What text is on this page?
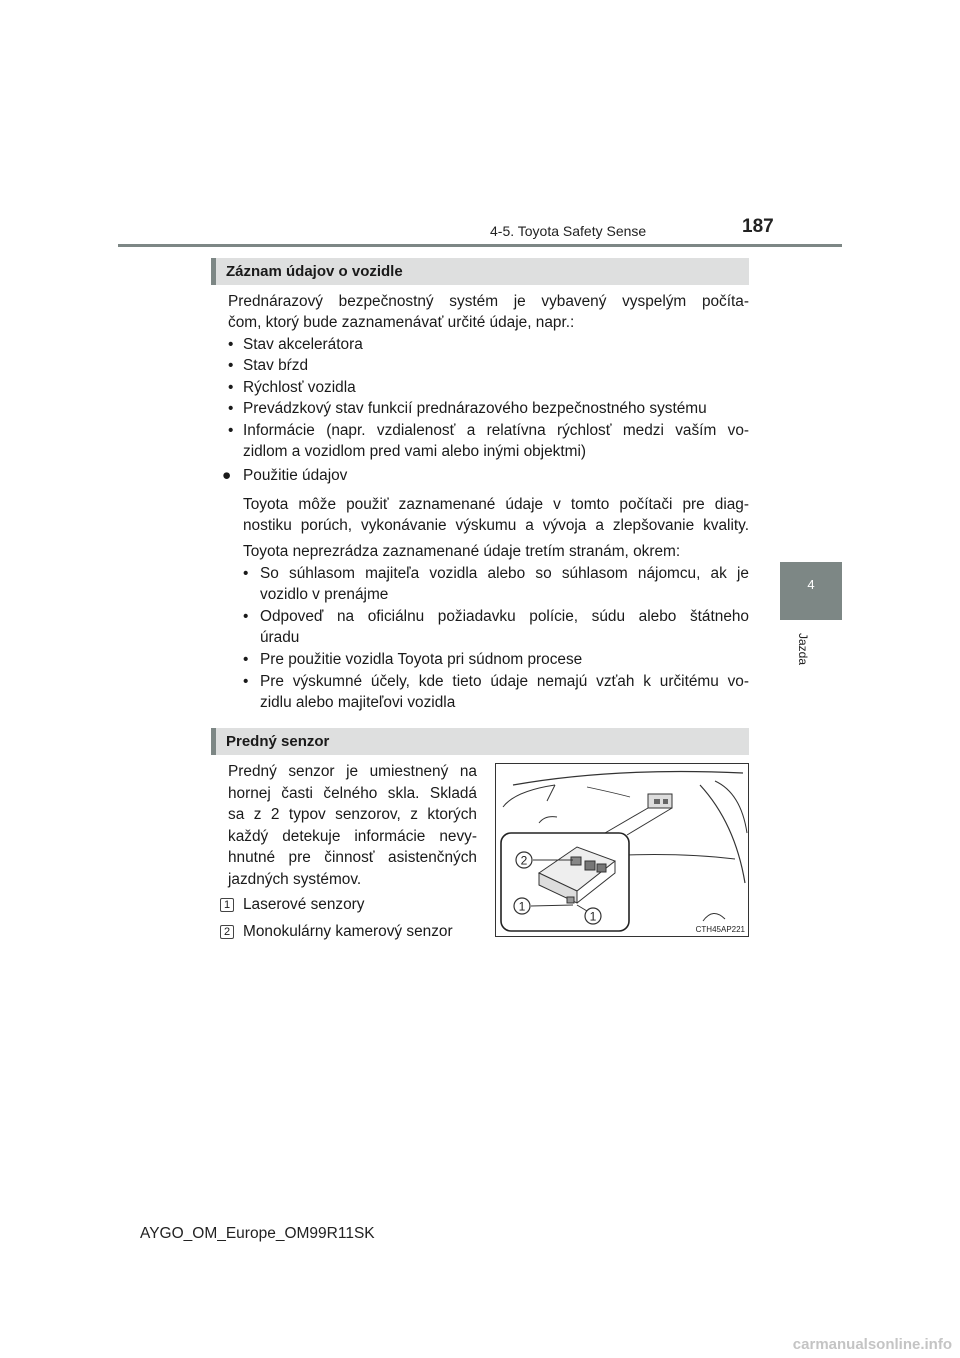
4-5. Toyota Safety Sense	187
4
Jazda
Záznam údajov o vozidle
Prednárazový bezpečnostný systém je vybavený vyspelým počíta-
čom, ktorý bude zaznamenávať určité údaje, napr.:
• Stav akcelerátora
• Stav bŕzd
• Rýchlosť vozidla
• Prevádzkový stav funkcií prednárazového bezpečnostného systému
• Informácie (napr. vzdialenosť a relatívna rýchlosť medzi vaším vo-
zidlom a vozidlom pred vami alebo inými objektmi)
● Použitie údajov
Toyota môže použiť zaznamenané údaje v tomto počítači pre diag-
nostiku porúch, vykonávanie výskumu a vývoja a zlepšovanie kvality.
Toyota neprezrádza zaznamenané údaje tretím stranám, okrem:
• So súhlasom majiteľa vozidla alebo so súhlasom nájomcu, ak je
vozidlo v prenájme
• Odpoveď na oficiálnu požiadavku polície, súdu alebo štátneho
úradu
• Pre použitie vozidla Toyota pri súdnom procese
• Pre výskumné účely, kde tieto údaje nemajú vzťah k určitému vo-
zidlu alebo majiteľovi vozidla
Predný senzor
Predný senzor je umiestnený na
hornej časti čelného skla. Skladá
sa z 2 typov senzorov, z ktorých
každý detekuje informácie nevy-
hnutné pre činnosť asistenčných
jazdných systémov.
1 Laserové senzory
2 Monokulárny kamerový senzor
2
1
1
CTH45AP221
AYGO_OM_Europe_OM99R11SK
carmanualsonline.info
